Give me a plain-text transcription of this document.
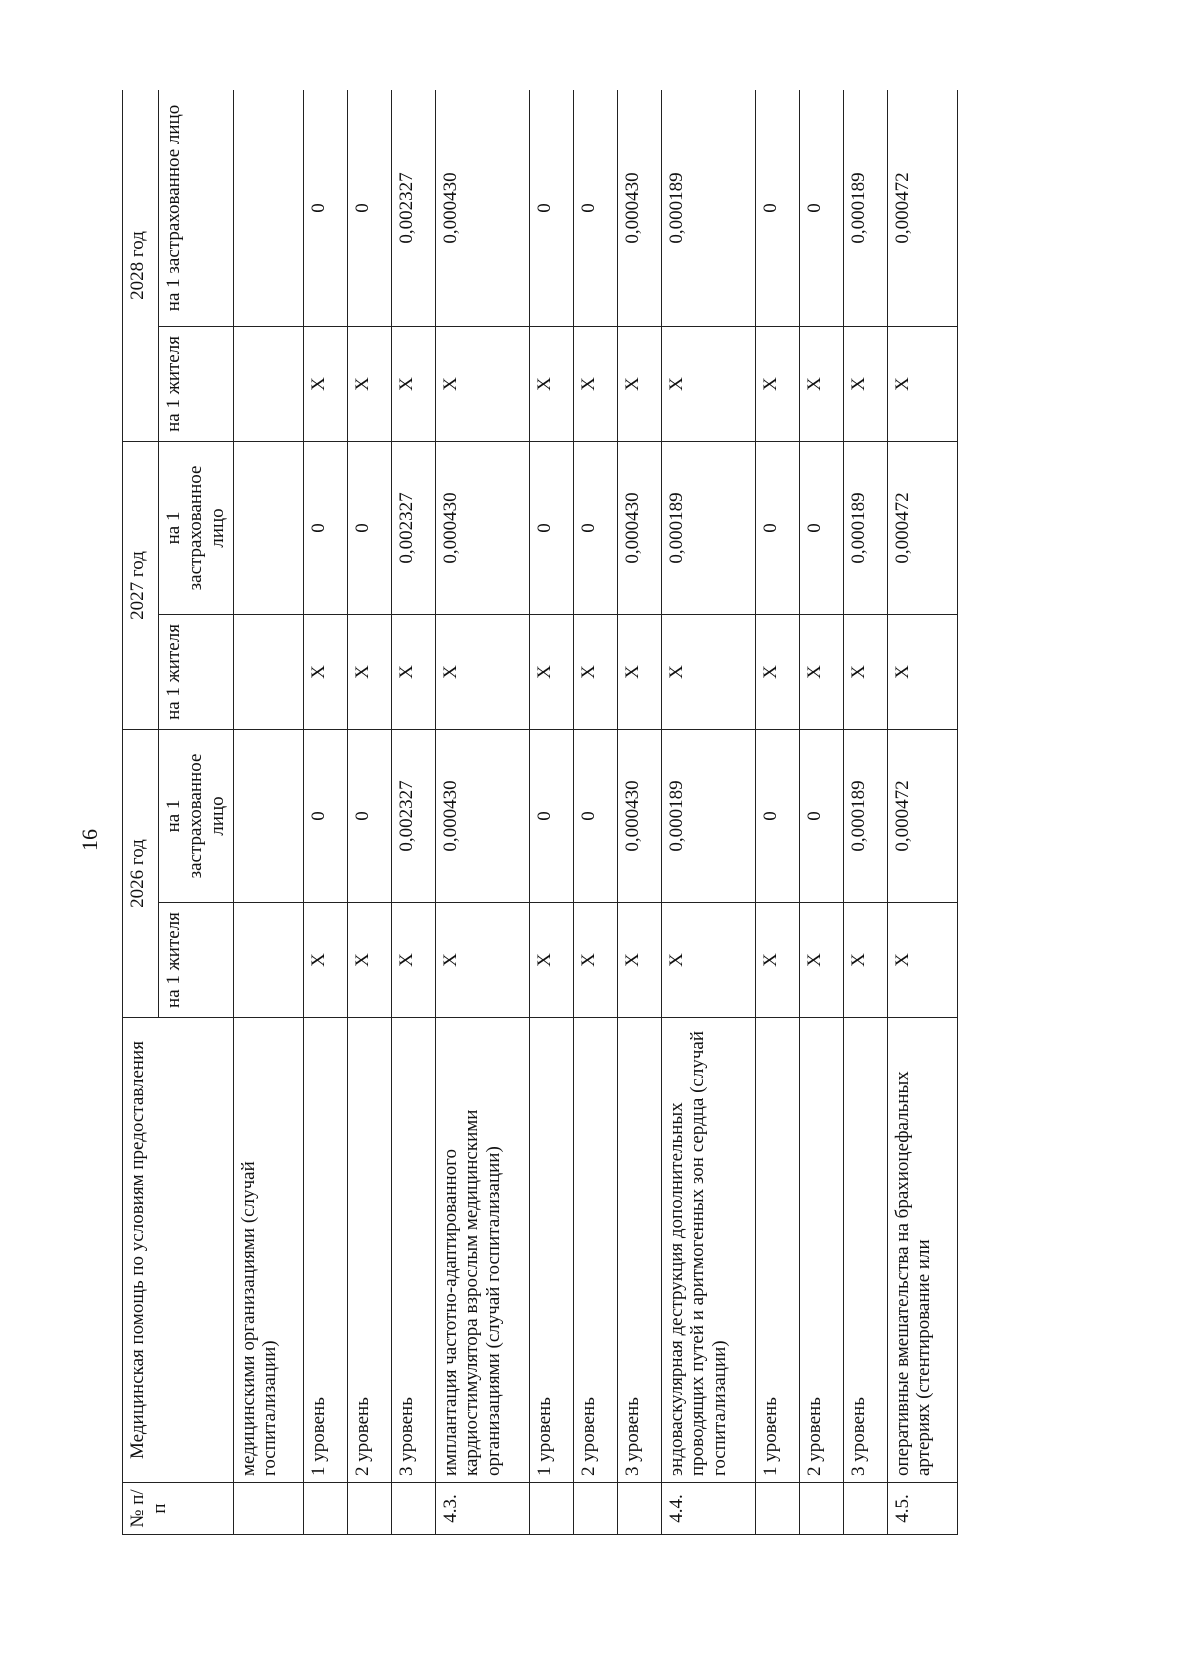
16
№ п/п	Медицинская помощь по условиям предоставления	2026 год		2027 год		2028 год	
		на 1 жителя	на 1 застрахованное лицо	на 1 жителя	на 1 застрахованное лицо	на 1 жителя	на 1 застрахованное лицо
	медицинскими организациями (случай госпитализации)						
	1 уровень	X	0	X	0	X	0
	2 уровень	X	0	X	0	X	0
	3 уровень	X	0,002327	X	0,002327	X	0,002327
4.3.	имплантация частотно-адаптированного кардиостимулятора взрослым медицинскими организациями (случай госпитализации)	X	0,000430	X	0,000430	X	0,000430
	1 уровень	X	0	X	0	X	0
	2 уровень	X	0	X	0	X	0
	3 уровень	X	0,000430	X	0,000430	X	0,000430
4.4.	эндоваскулярная деструкция дополнительных проводящих путей и аритмогенных зон сердца (случай госпитализации)	X	0,000189	X	0,000189	X	0,000189
	1 уровень	X	0	X	0	X	0
	2 уровень	X	0	X	0	X	0
	3 уровень	X	0,000189	X	0,000189	X	0,000189
4.5.	оперативные вмешательства на брахиоцефальных артериях (стентирование или	X	0,000472	X	0,000472	X	0,000472
